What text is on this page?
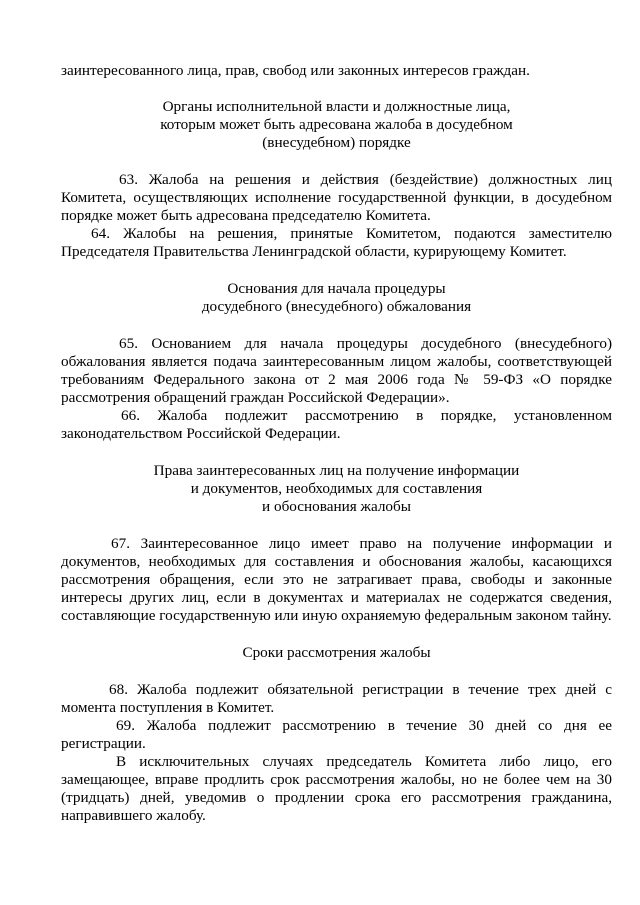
заинтересованного лица, прав, свобод или законных интересов граждан.

Органы исполнительной власти и должностные лица,
которым может быть адресована жалоба в досудебном
(внесудебном) порядке

63. Жалоба на решения и действия (бездействие) должностных лиц Комитета, осуществляющих исполнение государственной функции, в досудебном порядке может быть адресована председателю Комитета.

64. Жалобы на решения, принятые Комитетом, подаются заместителю Председателя Правительства Ленинградской области, курирующему Комитет.

Основания для начала процедуры
досудебного (внесудебного) обжалования

65. Основанием для начала процедуры досудебного (внесудебного) обжалования является подача заинтересованным лицом жалобы, соответствующей требованиям Федерального закона от 2 мая 2006 года № 59-ФЗ «О порядке рассмотрения обращений граждан Российской Федерации».

66. Жалоба подлежит рассмотрению в порядке, установленном законодательством Российской Федерации.

Права заинтересованных лиц на получение информации
и документов, необходимых для составления
и обоснования жалобы

67. Заинтересованное лицо имеет право на получение информации и документов, необходимых для составления и обоснования жалобы, касающихся рассмотрения обращения, если это не затрагивает права, свободы и законные интересы других лиц, если в документах и материалах не содержатся сведения, составляющие государственную или иную охраняемую федеральным законом тайну.

Сроки рассмотрения жалобы

68. Жалоба подлежит обязательной регистрации в течение трех дней с момента поступления в Комитет.

69. Жалоба подлежит рассмотрению в течение 30 дней со дня ее регистрации.

В исключительных случаях председатель Комитета либо лицо, его замещающее, вправе продлить срок рассмотрения жалобы, но не более чем на 30 (тридцать) дней, уведомив о продлении срока его рассмотрения гражданина, направившего жалобу.
